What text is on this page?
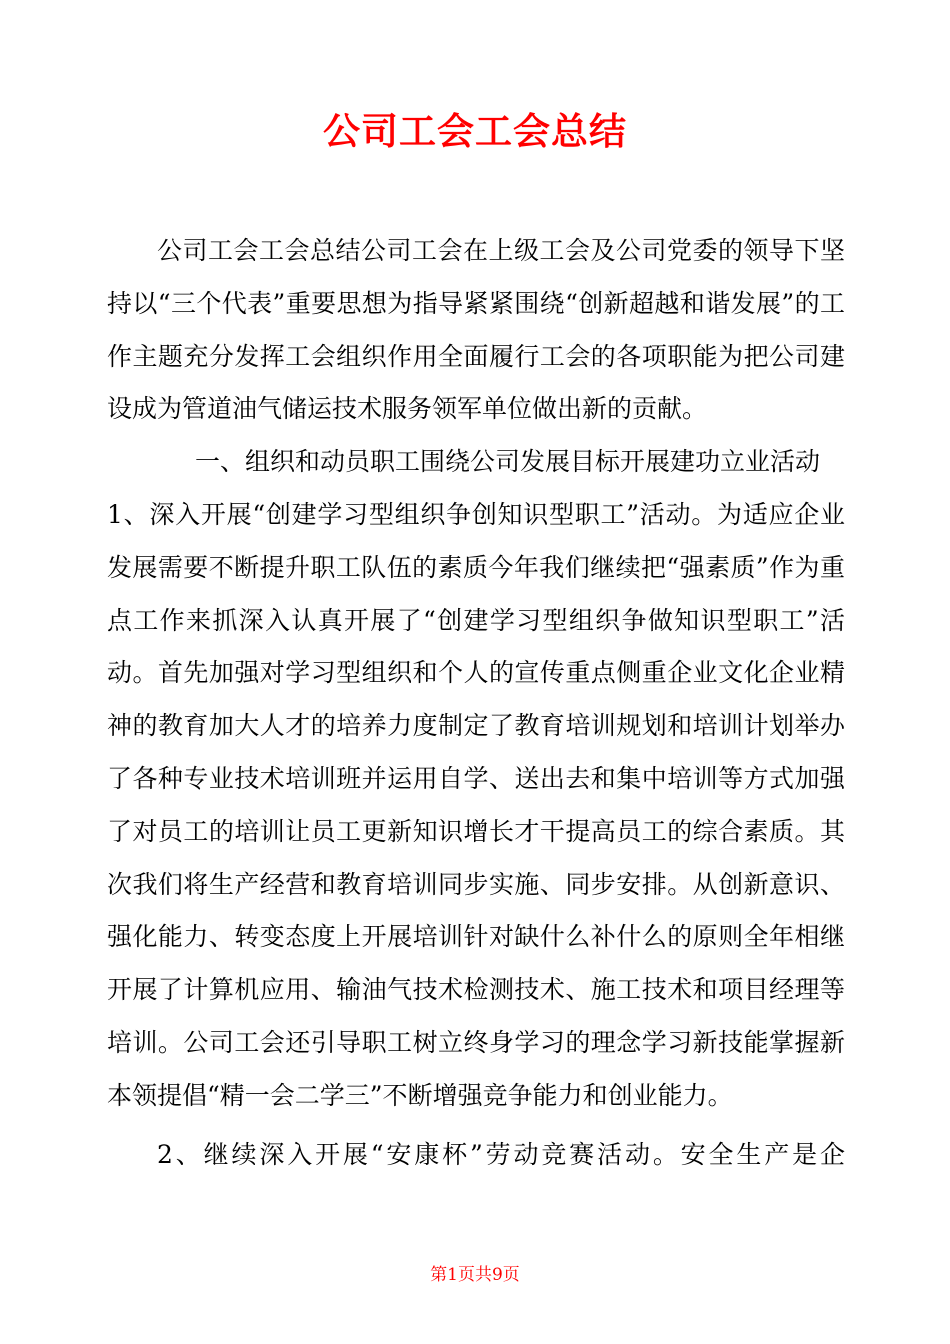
公司工会工会总结

公司工会工会总结公司工会在上级工会及公司党委的领导下坚持以“三个代表”重要思想为指导紧紧围绕“创新超越和谐发展”的工作主题充分发挥工会组织作用全面履行工会的各项职能为把公司建设成为管道油气储运技术服务领军单位做出新的贡献。

一、组织和动员职工围绕公司发展目标开展建功立业活动

1、深入开展“创建学习型组织争创知识型职工”活动。为适应企业发展需要不断提升职工队伍的素质今年我们继续把“强素质”作为重点工作来抓深入认真开展了“创建学习型组织争做知识型职工”活动。首先加强对学习型组织和个人的宣传重点侧重企业文化企业精神的教育加大人才的培养力度制定了教育培训规划和培训计划举办了各种专业技术培训班并运用自学、送出去和集中培训等方式加强了对员工的培训让员工更新知识增长才干提高员工的综合素质。其次我们将生产经营和教育培训同步实施、同步安排。从创新意识、强化能力、转变态度上开展培训针对缺什么补什么的原则全年相继开展了计算机应用、输油气技术检测技术、施工技术和项目经理等培训。公司工会还引导职工树立终身学习的理念学习新技能掌握新本领提倡“精一会二学三”不断增强竞争能力和创业能力。

2、继续深入开展“安康杯”劳动竞赛活动。安全生产是企

第1页共9页
